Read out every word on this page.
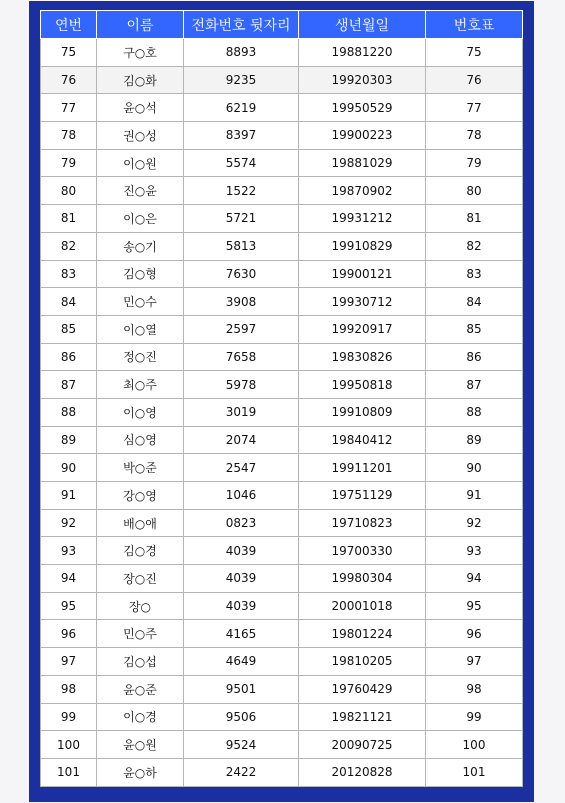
연번	이름	전화번호 뒷자리	생년월일	번호표
75	구○호	8893	19881220	75
76	김○화	9235	19920303	76
77	윤○석	6219	19950529	77
78	권○성	8397	19900223	78
79	이○원	5574	19881029	79
80	진○윤	1522	19870902	80
81	이○은	5721	19931212	81
82	송○기	5813	19910829	82
83	김○형	7630	19900121	83
84	민○수	3908	19930712	84
85	이○열	2597	19920917	85
86	정○진	7658	19830826	86
87	최○주	5978	19950818	87
88	이○영	3019	19910809	88
89	심○영	2074	19840412	89
90	박○준	2547	19911201	90
91	강○영	1046	19751129	91
92	배○애	0823	19710823	92
93	김○경	4039	19700330	93
94	장○진	4039	19980304	94
95	장○	4039	20001018	95
96	민○주	4165	19801224	96
97	김○섭	4649	19810205	97
98	윤○준	9501	19760429	98
99	이○경	9506	19821121	99
100	윤○원	9524	20090725	100
101	윤○하	2422	20120828	101
